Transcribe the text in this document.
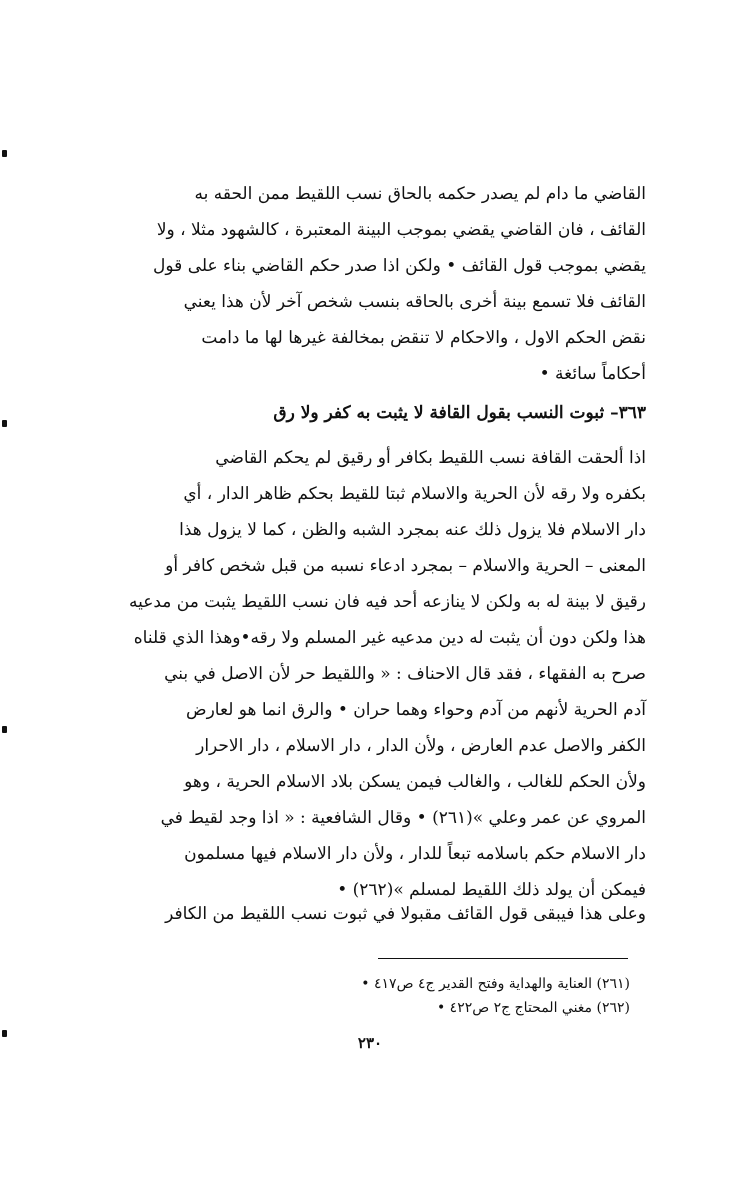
القاضي ما دام لم يصدر حكمه بالحاق نسب اللقيط ممن الحقه به
القائف ، فان القاضي يقضي بموجب البينة المعتبرة ، كالشهود مثلا ، ولا
يقضي بموجب قول القائف • ولكن اذا صدر حكم القاضي بناء على قول
القائف فلا تسمع بينة أخرى بالحاقه بنسب شخص آخر لأن هذا يعني
نقض الحكم الاول ، والاحكام لا تنقض بمخالفة غيرها لها ما دامت
أحكاماً سائغة •
٣٦٣– ثبوت النسب بقول القافة لا يثبت به كفر ولا رق
اذا ألحقت القافة نسب اللقيط بكافر أو رقيق لم يحكم القاضي
بكفره ولا رقه لأن الحرية والاسلام ثبتا للقيط بحكم ظاهر الدار ، أي
دار الاسلام فلا يزول ذلك عنه بمجرد الشبه والظن ، كما لا يزول هذا
المعنى – الحرية والاسلام – بمجرد ادعاء نسبه من قبل شخص كافر أو
رقيق لا بينة له به ولكن لا ينازعه أحد فيه فان نسب اللقيط يثبت من مدعيه
هذا ولكن دون أن يثبت له دين مدعيه غير المسلم ولا رقه•وهذا الذي قلناه
صرح به الفقهاء ، فقد قال الاحناف : « واللقيط حر لأن الاصل في بني
آدم الحرية لأنهم من آدم وحواء وهما حران • والرق انما هو لعارض
الكفر والاصل عدم العارض ، ولأن الدار ، دار الاسلام ، دار الاحرار
ولأن الحكم للغالب ، والغالب فيمن يسكن بلاد الاسلام الحرية ، وهو
المروي عن عمر وعلي »(٢٦١) • وقال الشافعية : « اذا وجد لقيط في
دار الاسلام حكم باسلامه تبعاً للدار ، ولأن دار الاسلام فيها مسلمون
فيمكن أن يولد ذلك اللقيط لمسلم »(٢٦٢) •
وعلى هذا فيبقى قول القائف مقبولا في ثبوت نسب اللقيط من الكافر
(٢٦١) العناية والهداية وفتح القدير ج٤ ص٤١٧ •
(٢٦٢) مغني المحتاج ج٢ ص٤٢٢ •
٢٣٠
